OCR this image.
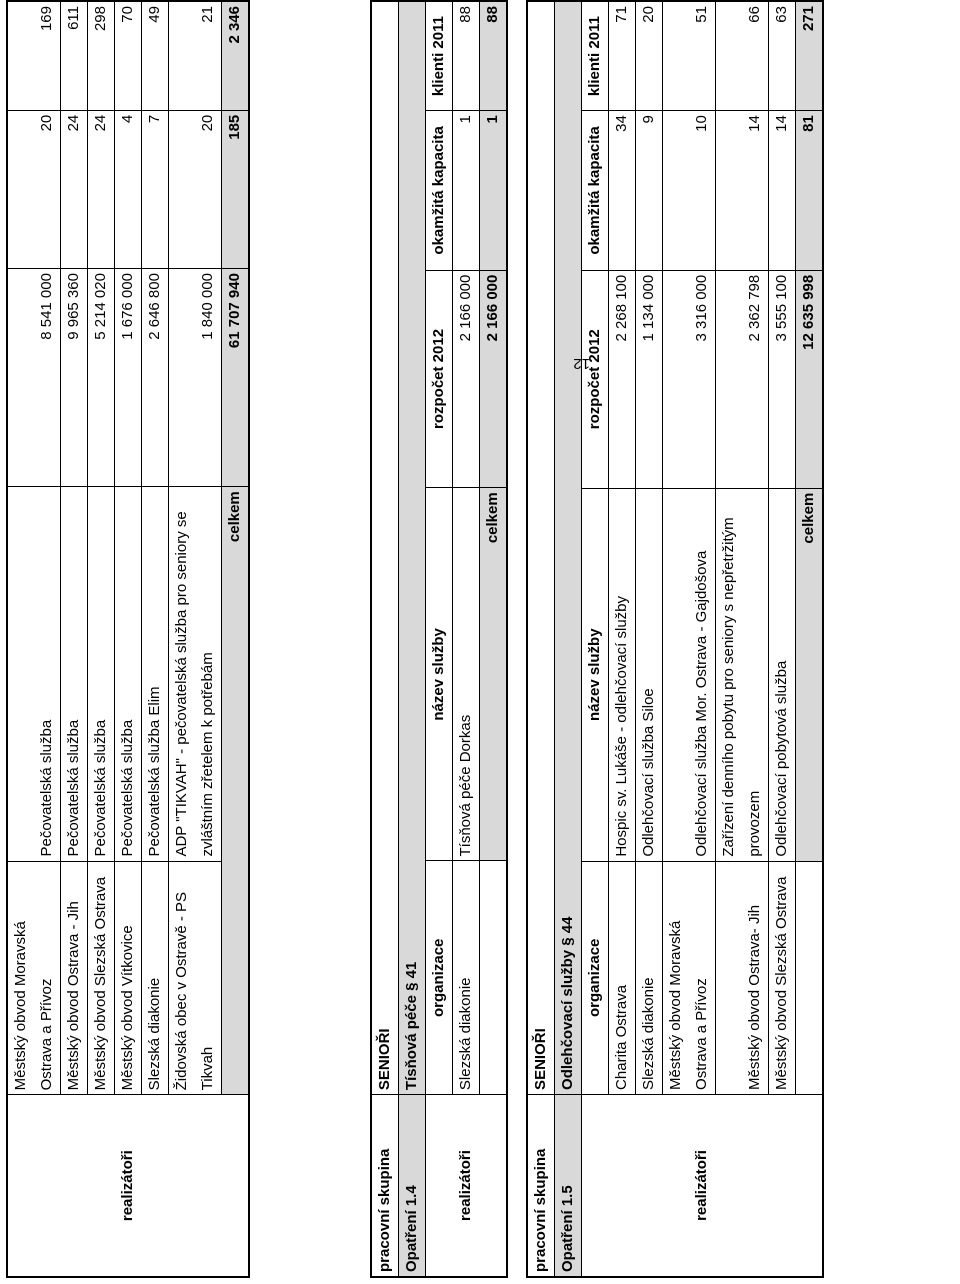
realizátoři	Městský obvod Moravská Ostrava a Přívoz	Pečovatelská služba	8 541 000	20	169
	Městský obvod Ostrava - Jih	Pečovatelská služba	9 965 360	24	611
	Městský obvod Slezská Ostrava	Pečovatelská služba	5 214 020	24	298
	Městský obvod Vítkovice	Pečovatelská služba	1 676 000	4	70
	Slezská diakonie	Pečovatelská služba Elim	2 646 800	7	49
	Židovská obec v Ostravě - PS Tikvah	ADP "TIKVAH" - pečovatelská služba pro seniory se zvláštním zřetelem k potřebám	1 840 000	20	21
	celkem		61 707 940	185	2 346
pracovní skupina	SENIOŘI				
Opatření 1.4	Tísňová péče § 41				
realizátoři	organizace	název služby	rozpočet 2012	okamžitá kapacita	klienti 2011
	Slezská diakonie	Tísňová péče Dorkas	2 166 000	1	88
		celkem	2 166 000	1	88
pracovní skupina	SENIOŘI				
Opatření 1.5	Odlehčovací služby § 44				
realizátoři	organizace	název služby	rozpočet 2012	okamžitá kapacita	klienti 2011
	Charita Ostrava	Hospic sv. Lukáše - odlehčovací služby	2 268 100	34	71
	Slezská diakonie	Odlehčovací služba Siloe	1 134 000	9	20
	Městský obvod Moravská Ostrava a Přívoz	Odlehčovací služba Mor. Ostrava - Gajdošova	3 316 000	10	51
	Městský obvod Ostrava- Jih	Zařízení denního pobytu pro seniory s nepřetržitým provozem	2 362 798	14	66
	Městský obvod Slezská Ostrava	Odlehčovací pobytová služba	3 555 100	14	63
		celkem	12 635 998	81	271
12
